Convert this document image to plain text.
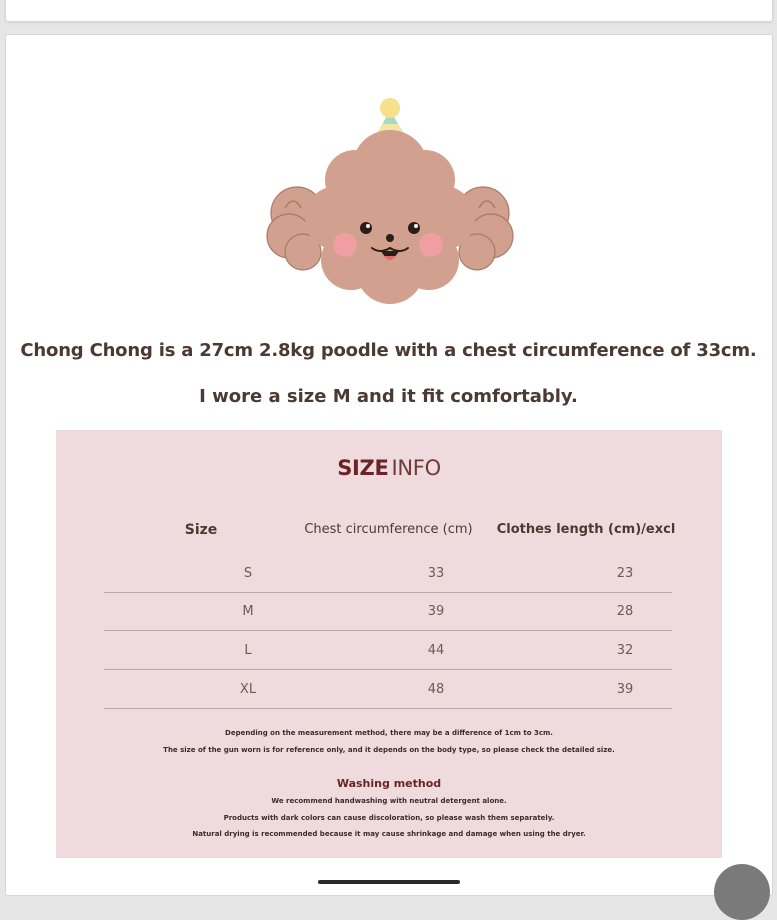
Chong Chong is a 27cm 2.8kg poodle with a chest circumference of 33cm.
I wore a size M and it fit comfortably.
SIZE INFO
Size	Chest circumference (cm)	Clothes length (cm)/excl
S	33	23
M	39	28
L	44	32
XL	48	39
Depending on the measurement method, there may be a difference of 1cm to 3cm.
The size of the gun worn is for reference only, and it depends on the body type, so please check the detailed size.
Washing method
We recommend handwashing with neutral detergent alone.
Products with dark colors can cause discoloration, so please wash them separately.
Natural drying is recommended because it may cause shrinkage and damage when using the dryer.
